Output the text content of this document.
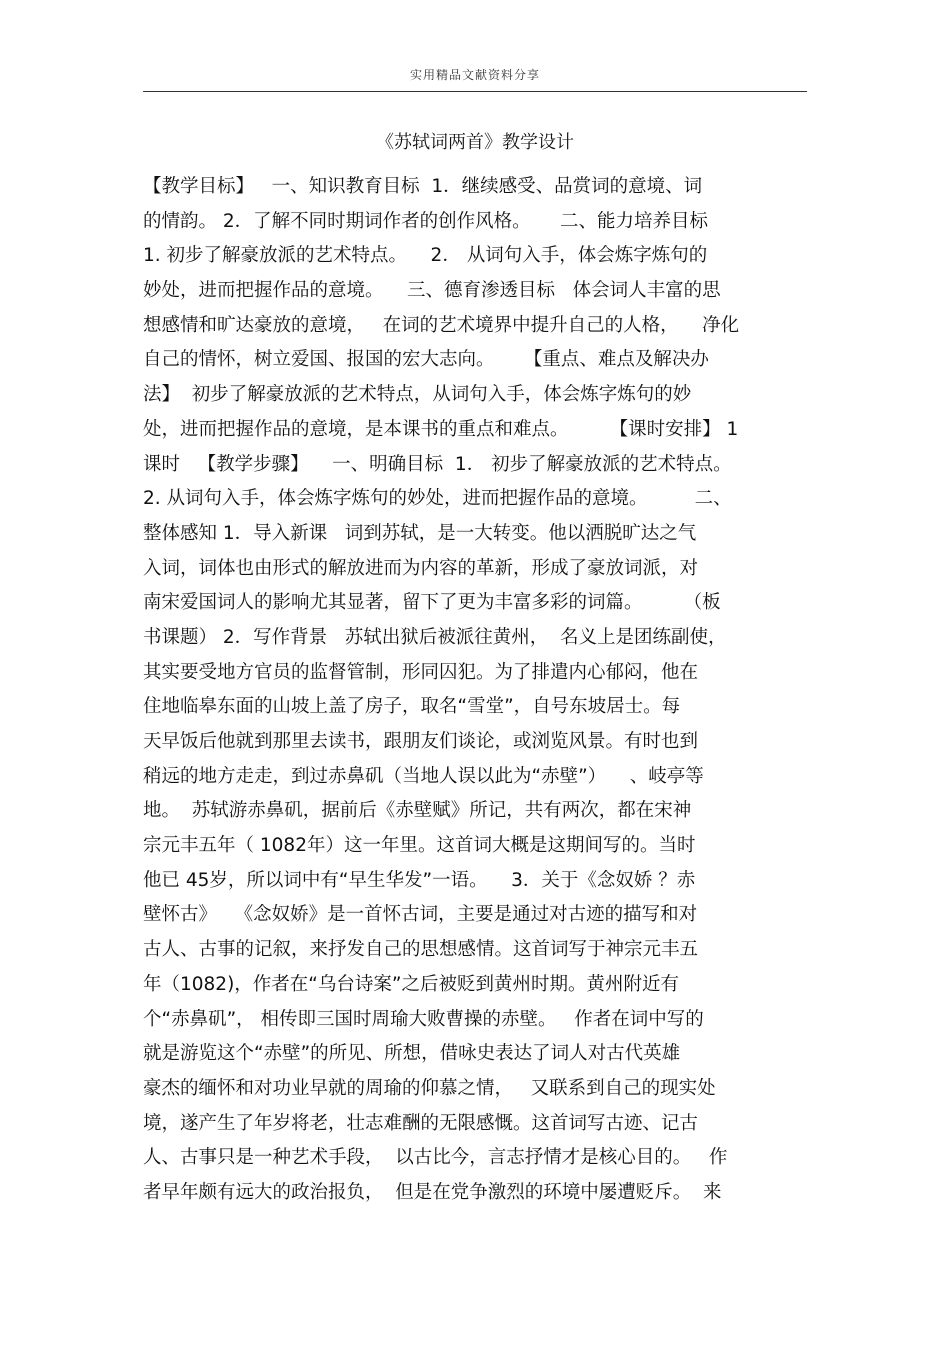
实用精品文献资料分享
《苏轼词两首》教学设计
【教学目标】   一、知识教育目标  1．继续感受、品赏词的意境、词
的情韵。 2．了解不同时期词作者的创作风格。     二、能力培养目标
1. 初步了解豪放派的艺术特点。    2． 从词句入手，体会炼字炼句的
妙处，进而把握作品的意境。    三、德育渗透目标   体会词人丰富的思
想感情和旷达豪放的意境，   在词的艺术境界中提升自己的人格，    净化
自己的情怀，树立爱国、报国的宏大志向。     【重点、难点及解决办
法】  初步了解豪放派的艺术特点，从词句入手，体会炼字炼句的妙
处，进而把握作品的意境，是本课书的重点和难点。       【课时安排】 1
课时   【教学步骤】    一、明确目标  1． 初步了解豪放派的艺术特点。
2. 从词句入手，体会炼字炼句的妙处，进而把握作品的意境。        二、
整体感知 1．导入新课   词到苏轼，是一大转变。他以洒脱旷达之气
入词，词体也由形式的解放进而为内容的革新，形成了豪放词派，对
南宋爱国词人的影响尤其显著，留下了更为丰富多彩的词篇。       （板
书课题） 2．写作背景   苏轼出狱后被派往黄州，  名义上是团练副使，
其实要受地方官员的监督管制，形同囚犯。为了排遣内心郁闷，他在
住地临皋东面的山坡上盖了房子，取名“雪堂”，自号东坡居士。每
天早饭后他就到那里去读书，跟朋友们谈论，或浏览风景。有时也到
稍远的地方走走，到过赤鼻矶（当地人误以此为“赤壁”）    、岐亭等
地。  苏轼游赤鼻矶，据前后《赤壁赋》所记，共有两次，都在宋神
宗元丰五年（ 1082年）这一年里。这首词大概是这期间写的。当时
他已 45岁，所以词中有“早生华发”一语。    3．关于《念奴娇 ？赤
壁怀古》   《念奴娇》是一首怀古词，主要是通过对古迹的描写和对
古人、古事的记叙，来抒发自己的思想感情。这首词写于神宗元丰五
年（1082)，作者在“乌台诗案”之后被贬到黄州时期。黄州附近有
个“赤鼻矶”， 相传即三国时周瑜大败曹操的赤壁。   作者在词中写的
就是游览这个“赤壁”的所见、所想，借咏史表达了词人对古代英雄
豪杰的缅怀和对功业早就的周瑜的仰慕之情，   又联系到自己的现实处
境，遂产生了年岁将老，壮志难酬的无限感慨。这首词写古迹、记古
人、古事只是一种艺术手段，  以古比今，言志抒情才是核心目的。   作
者早年颇有远大的政治报负，  但是在党争激烈的环境中屡遭贬斥。  来
